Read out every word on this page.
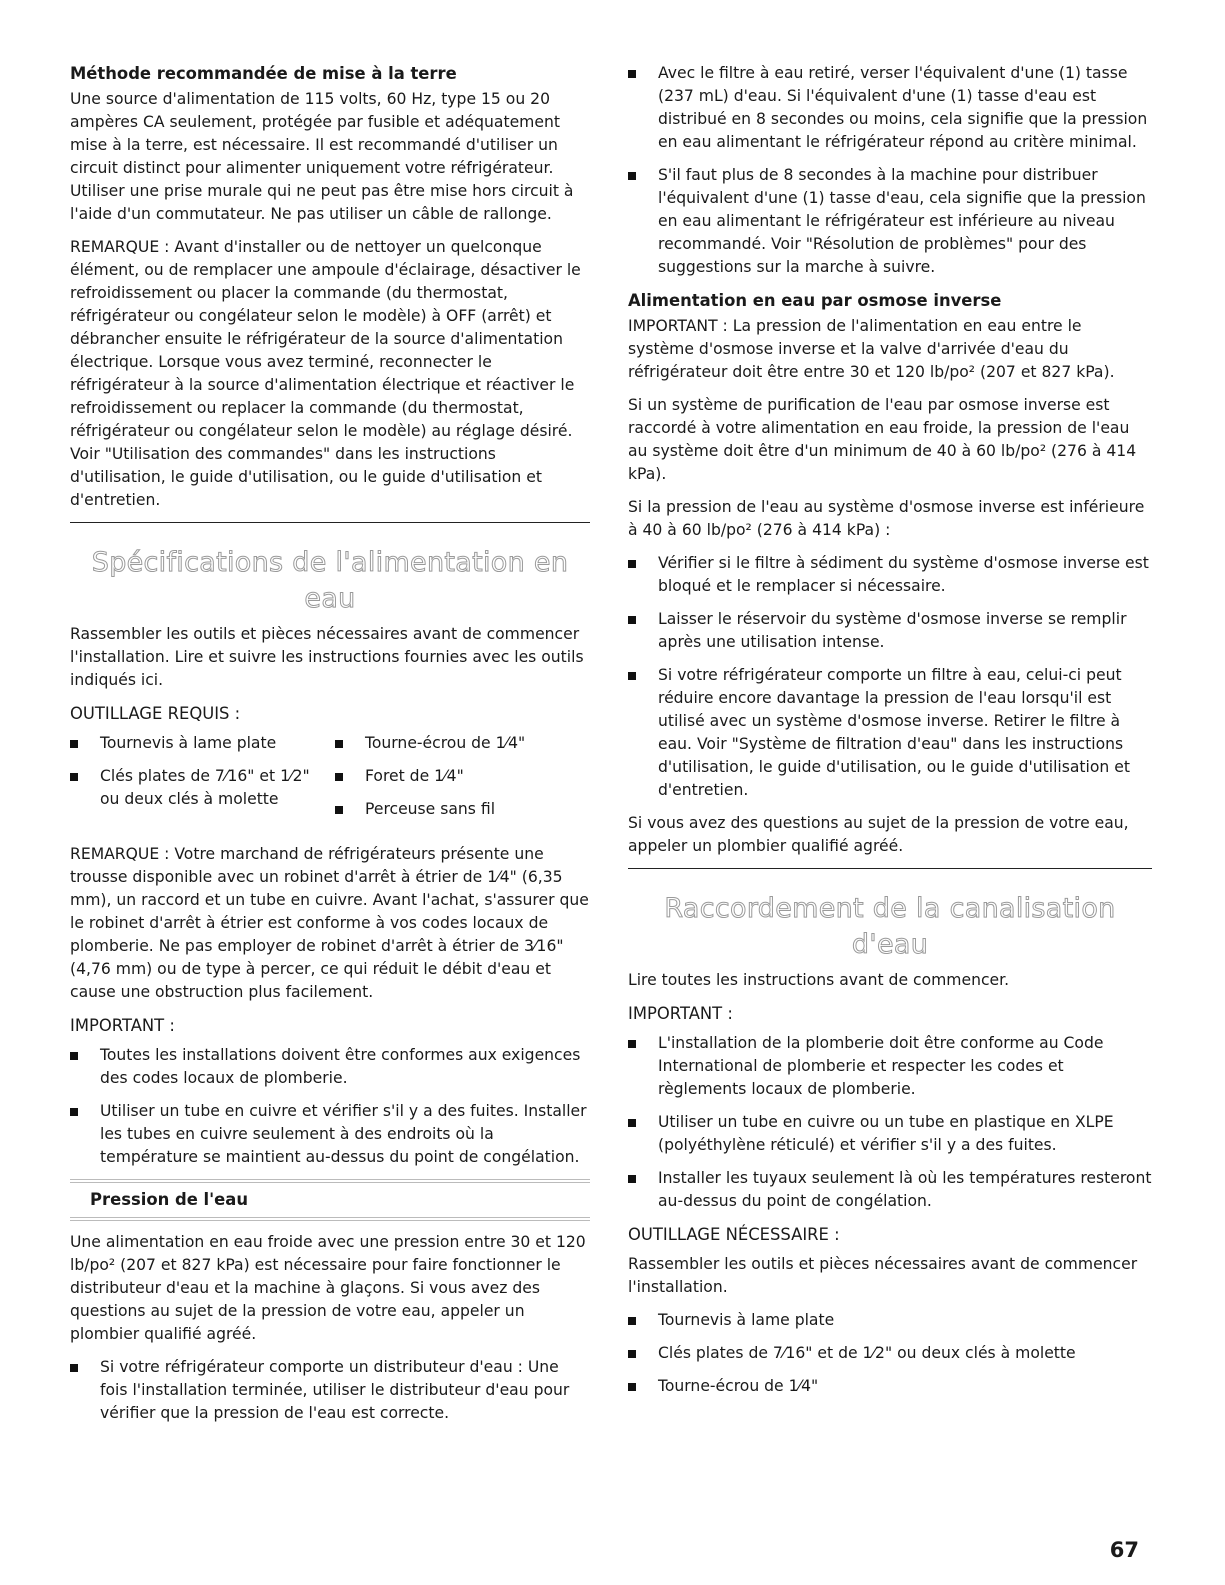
Méthode recommandée de mise à la terre

Une source d'alimentation de 115 volts, 60 Hz, type 15 ou 20 ampères CA seulement, protégée par fusible et adéquatement mise à la terre, est nécessaire. Il est recommandé d'utiliser un circuit distinct pour alimenter uniquement votre réfrigérateur. Utiliser une prise murale qui ne peut pas être mise hors circuit à l'aide d'un commutateur. Ne pas utiliser un câble de rallonge.

REMARQUE : Avant d'installer ou de nettoyer un quelconque élément, ou de remplacer une ampoule d'éclairage, désactiver le refroidissement ou placer la commande (du thermostat, réfrigérateur ou congélateur selon le modèle) à OFF (arrêt) et débrancher ensuite le réfrigérateur de la source d'alimentation électrique. Lorsque vous avez terminé, reconnecter le réfrigérateur à la source d'alimentation électrique et réactiver le refroidissement ou replacer la commande (du thermostat, réfrigérateur ou congélateur selon le modèle) au réglage désiré. Voir "Utilisation des commandes" dans les instructions d'utilisation, le guide d'utilisation, ou le guide d'utilisation et d'entretien.

Spécifications de l'alimentation en eau

Rassembler les outils et pièces nécessaires avant de commencer l'installation. Lire et suivre les instructions fournies avec les outils indiqués ici.

OUTILLAGE REQUIS :
Tournevis à lame plate
Clés plates de 7⁄16" et 1⁄2" ou deux clés à molette
Tourne-écrou de 1⁄4"
Foret de 1⁄4"
Perceuse sans fil

REMARQUE : Votre marchand de réfrigérateurs présente une trousse disponible avec un robinet d'arrêt à étrier de 1⁄4" (6,35 mm), un raccord et un tube en cuivre. Avant l'achat, s'assurer que le robinet d'arrêt à étrier est conforme à vos codes locaux de plomberie. Ne pas employer de robinet d'arrêt à étrier de 3⁄16" (4,76 mm) ou de type à percer, ce qui réduit le débit d'eau et cause une obstruction plus facilement.

IMPORTANT :
Toutes les installations doivent être conformes aux exigences des codes locaux de plomberie.
Utiliser un tube en cuivre et vérifier s'il y a des fuites. Installer les tubes en cuivre seulement à des endroits où la température se maintient au-dessus du point de congélation.
Pression de l'eau

Une alimentation en eau froide avec une pression entre 30 et 120 lb/po² (207 et 827 kPa) est nécessaire pour faire fonctionner le distributeur d'eau et la machine à glaçons. Si vous avez des questions au sujet de la pression de votre eau, appeler un plombier qualifié agréé.

Si votre réfrigérateur comporte un distributeur d'eau : Une fois l'installation terminée, utiliser le distributeur d'eau pour vérifier que la pression de l'eau est correcte.
Avec le filtre à eau retiré, verser l'équivalent d'une (1) tasse (237 mL) d'eau. Si l'équivalent d'une (1) tasse d'eau est distribué en 8 secondes ou moins, cela signifie que la pression en eau alimentant le réfrigérateur répond au critère minimal.
S'il faut plus de 8 secondes à la machine pour distribuer l'équivalent d'une (1) tasse d'eau, cela signifie que la pression en eau alimentant le réfrigérateur est inférieure au niveau recommandé. Voir "Résolution de problèmes" pour des suggestions sur la marche à suivre.
Alimentation en eau par osmose inverse

IMPORTANT : La pression de l'alimentation en eau entre le système d'osmose inverse et la valve d'arrivée d'eau du réfrigérateur doit être entre 30 et 120 lb/po² (207 et 827 kPa).

Si un système de purification de l'eau par osmose inverse est raccordé à votre alimentation en eau froide, la pression de l'eau au système doit être d'un minimum de 40 à 60 lb/po² (276 à 414 kPa).

Si la pression de l'eau au système d'osmose inverse est inférieure à 40 à 60 lb/po² (276 à 414 kPa) :

Vérifier si le filtre à sédiment du système d'osmose inverse est bloqué et le remplacer si nécessaire.
Laisser le réservoir du système d'osmose inverse se remplir après une utilisation intense.
Si votre réfrigérateur comporte un filtre à eau, celui-ci peut réduire encore davantage la pression de l'eau lorsqu'il est utilisé avec un système d'osmose inverse. Retirer le filtre à eau. Voir "Système de filtration d'eau" dans les instructions d'utilisation, le guide d'utilisation, ou le guide d'utilisation et d'entretien.

Si vous avez des questions au sujet de la pression de votre eau, appeler un plombier qualifié agréé.

Raccordement de la canalisation d'eau

Lire toutes les instructions avant de commencer.

IMPORTANT :
L'installation de la plomberie doit être conforme au Code International de plomberie et respecter les codes et règlements locaux de plomberie.
Utiliser un tube en cuivre ou un tube en plastique en XLPE (polyéthylène réticulé) et vérifier s'il y a des fuites.
Installer les tuyaux seulement là où les températures resteront au-dessus du point de congélation.
OUTILLAGE NÉCESSAIRE :

Rassembler les outils et pièces nécessaires avant de commencer l'installation.

Tournevis à lame plate
Clés plates de 7⁄16" et de 1⁄2" ou deux clés à molette
Tourne-écrou de 1⁄4"
67
